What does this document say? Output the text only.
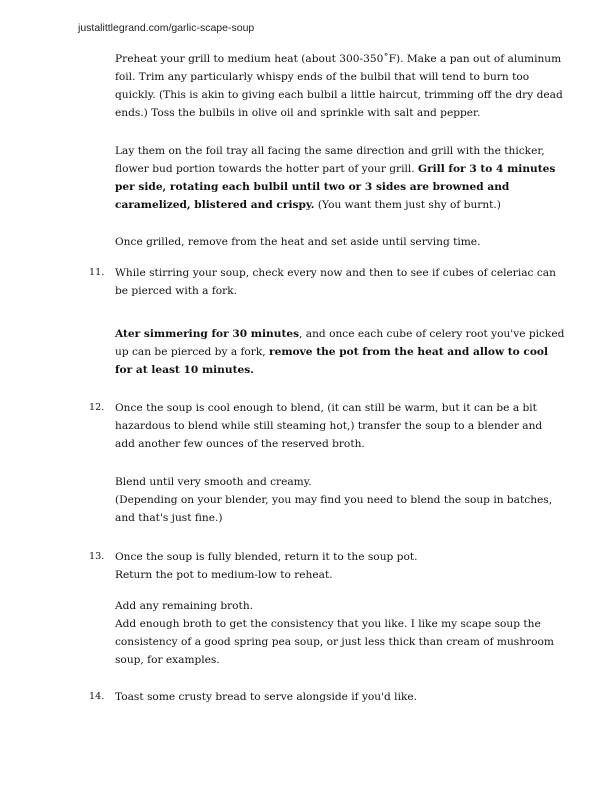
justalittlegrand.com/garlic-scape-soup

Preheat your grill to medium heat (about 300-350˚F). Make a pan out of aluminum foil. Trim any particularly whispy ends of the bulbil that will tend to burn too quickly. (This is akin to giving each bulbil a little haircut, trimming off the dry dead ends.) Toss the bulbils in olive oil and sprinkle with salt and pepper.

Lay them on the foil tray all facing the same direction and grill with the thicker, flower bud portion towards the hotter part of your grill. Grill for 3 to 4 minutes per side, rotating each bulbil until two or 3 sides are browned and caramelized, blistered and crispy. (You want them just shy of burnt.)

Once grilled, remove from the heat and set aside until serving time.

11. While stirring your soup, check every now and then to see if cubes of celeriac can be pierced with a fork.

Ater simmering for 30 minutes, and once each cube of celery root you've picked up can be pierced by a fork, remove the pot from the heat and allow to cool for at least 10 minutes.

12. Once the soup is cool enough to blend, (it can still be warm, but it can be a bit hazardous to blend while still steaming hot,) transfer the soup to a blender and add another few ounces of the reserved broth.

Blend until very smooth and creamy.

(Depending on your blender, you may find you need to blend the soup in batches, and that's just fine.)

13. Once the soup is fully blended, return it to the soup pot.

Return the pot to medium-low to reheat.

Add any remaining broth.

Add enough broth to get the consistency that you like. I like my scape soup the consistency of a good spring pea soup, or just less thick than cream of mushroom soup, for examples.

14. Toast some crusty bread to serve alongside if you'd like.
